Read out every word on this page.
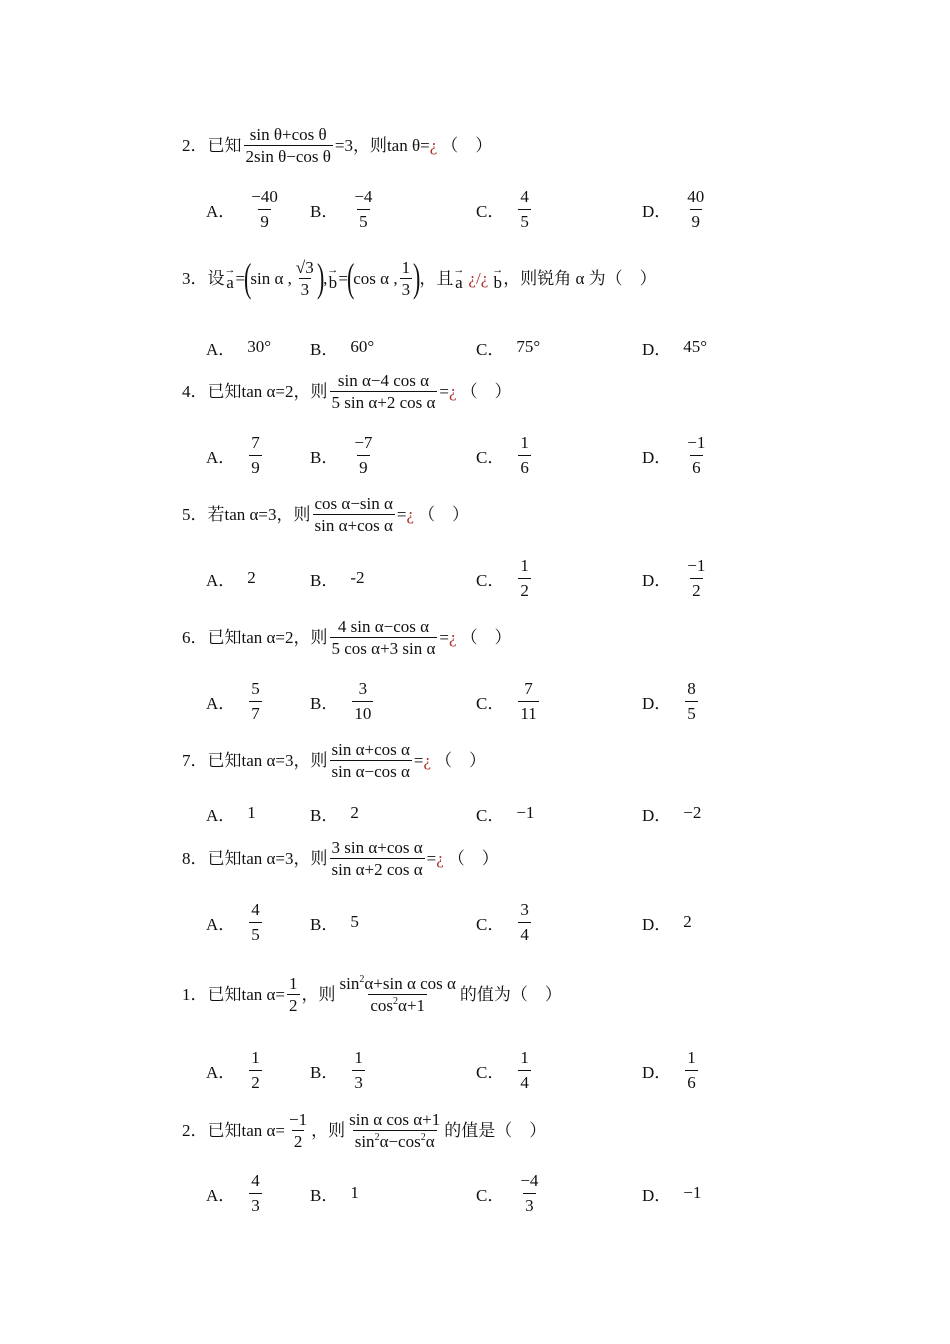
2． 已知 $\frac{\text{sin θ+cos θ}}{\text{2sin θ−cos θ}} =3$，则tan θ= ¿ （　）
A． $\frac{-40}{9}$ B． $\frac{-4}{5}$	C． $\frac{4}{5}$	D． $\frac{40}{9}$
3． 设 →
a =
(
sin α , $\frac{√3}{3}$ )
, →
b =
(
cos α , $\frac{1}{3}$ )
，且 →
a ¿/¿ →
b ，则锐角 α 为（　）
A． 30° B． 60°	C． 75°	D． 45°
4． 已知tan α=2，则 $\frac{\text{sin α−4 cos α}}{\text{5 sin α+2 cos α}}$ = ¿ （　）
A． $\frac{7}{9}$	B． $\frac{-7}{9}$	C． $\frac{1}{6}$	D． $\frac{-1}{6}$
5． 若tan α=3，则 $\frac{\text{cos α−sin α}}{\text{sin α+cos α}}$ = ¿ （　）
A． 2	B． -2	C． $\frac{1}{2}$	D． $\frac{-1}{2}$
6． 已知tan α=2，则 $\frac{\text{4 sin α−cos α}}{\text{5 cos α+3 sin α}}$ = ¿ （　）
A． $\frac{5}{7}$	B． $\frac{3}{10}$	C． $\frac{7}{11}$	D． $\frac{8}{5}$
7． 已知tan α=3，则 $\frac{\text{sin α+cos α}}{\text{sin α−cos α}}$ = ¿ （　）
A． 1	B． 2	C． −1	D． −2
8． 已知tan α=3，则 $\frac{\text{3 sin α+cos α}}{\text{sin α+2 cos α}}$ = ¿ （　）
A． $\frac{4}{5}$	B． 5	C． $\frac{3}{4}$	D． 2
1． 已知 $\tan \alpha= \frac{1}{2}$ ，则 $\frac{\sin^2\alpha+\sin \alpha \cos \alpha}{\cos^2\alpha+1}$ 的值为（　）
A． $\frac{1}{2}$	B． $\frac{1}{3}$	C． $\frac{1}{4}$	D． $\frac{1}{6}$
2． 已知$\tan \alpha= \frac{-1}{2}$ ，则 $\frac{\text{sin α cos α+1}}{\sin^2\alpha-\cos^2\alpha}$ 的值是（　）
A． $\frac{4}{3}$	B． 1	C． $\frac{-4}{3}$	D． −1
